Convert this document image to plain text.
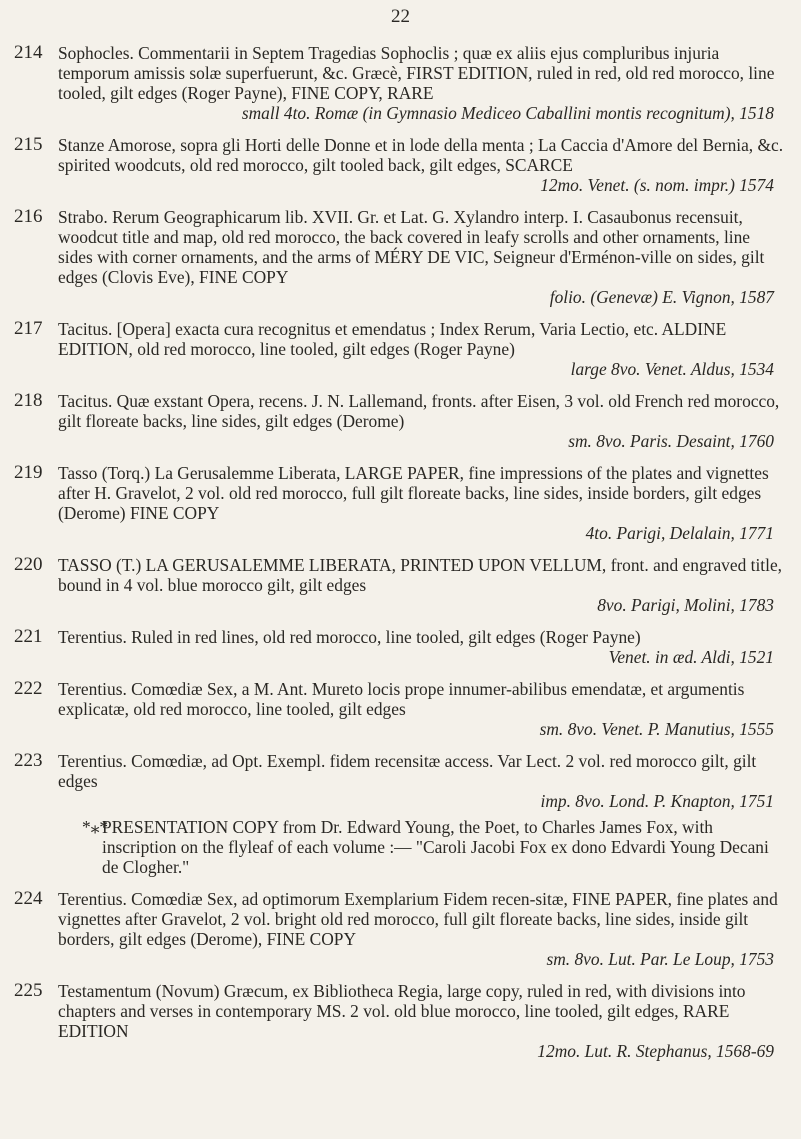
22
214 Sophocles. Commentarii in Septem Tragedias Sophoclis ; quæ ex aliis ejus compluribus injuria temporum amissis solæ superfuerunt, &c. Græcè, FIRST EDITION, ruled in red, old red morocco, line tooled, gilt edges (Roger Payne), FINE COPY, RARE
small 4to. Romæ (in Gymnasio Mediceo Caballini montis recognitum), 1518
215 Stanze Amorose, sopra gli Horti delle Donne et in lode della menta ; La Caccia d'Amore del Bernia, &c. spirited woodcuts, old red morocco, gilt tooled back, gilt edges, SCARCE
12mo. Venet. (s. nom. impr.) 1574
216 Strabo. Rerum Geographicarum lib. XVII. Gr. et Lat. G. Xylandro interp. I. Casaubonus recensuit, woodcut title and map, old red morocco, the back covered in leafy scrolls and other ornaments, line sides with corner ornaments, and the arms of MÉRY DE VIC, Seigneur d'Erménon-ville on sides, gilt edges (Clovis Eve), FINE COPY
folio. (Genevæ) E. Vignon, 1587
217 Tacitus. [Opera] exacta cura recognitus et emendatus ; Index Rerum, Varia Lectio, etc. ALDINE EDITION, old red morocco, line tooled, gilt edges (Roger Payne)
large 8vo. Venet. Aldus, 1534
218 Tacitus. Quæ exstant Opera, recens. J. N. Lallemand, fronts. after Eisen, 3 vol. old French red morocco, gilt floreate backs, line sides, gilt edges (Derome)
sm. 8vo. Paris. Desaint, 1760
219 Tasso (Torq.) La Gerusalemme Liberata, LARGE PAPER, fine impressions of the plates and vignettes after H. Gravelot, 2 vol. old red morocco, full gilt floreate backs, line sides, inside borders, gilt edges (Derome) FINE COPY
4to. Parigi, Delalain, 1771
220 TASSO (T.) LA GERUSALEMME LIBERATA, PRINTED UPON VELLUM, front. and engraved title, bound in 4 vol. blue morocco gilt, gilt edges
8vo. Parigi, Molini, 1783
221 Terentius. Ruled in red lines, old red morocco, line tooled, gilt edges (Roger Payne)
Venet. in æd. Aldi, 1521
222 Terentius. Comœdiæ Sex, a M. Ant. Mureto locis prope innumer-abilibus emendatæ, et argumentis explicatæ, old red morocco, line tooled, gilt edges
sm. 8vo. Venet. P. Manutius, 1555
223 Terentius. Comœdiæ, ad Opt. Exempl. fidem recensitæ access. Var Lect. 2 vol. red morocco gilt, gilt edges
imp. 8vo. Lond. P. Knapton, 1751
*⁎*
PRESENTATION COPY from Dr. Edward Young, the Poet, to Charles James Fox, with inscription on the flyleaf of each volume :— "Caroli Jacobi Fox ex dono Edvardi Young Decani de Clogher."
224 Terentius. Comœdiæ Sex, ad optimorum Exemplarium Fidem recen-sitæ, FINE PAPER, fine plates and vignettes after Gravelot, 2 vol. bright old red morocco, full gilt floreate backs, line sides, inside gilt borders, gilt edges (Derome), FINE COPY
sm. 8vo. Lut. Par. Le Loup, 1753
225 Testamentum (Novum) Græcum, ex Bibliotheca Regia, large copy, ruled in red, with divisions into chapters and verses in contemporary MS. 2 vol. old blue morocco, line tooled, gilt edges, RARE EDITION
12mo. Lut. R. Stephanus, 1568-69
